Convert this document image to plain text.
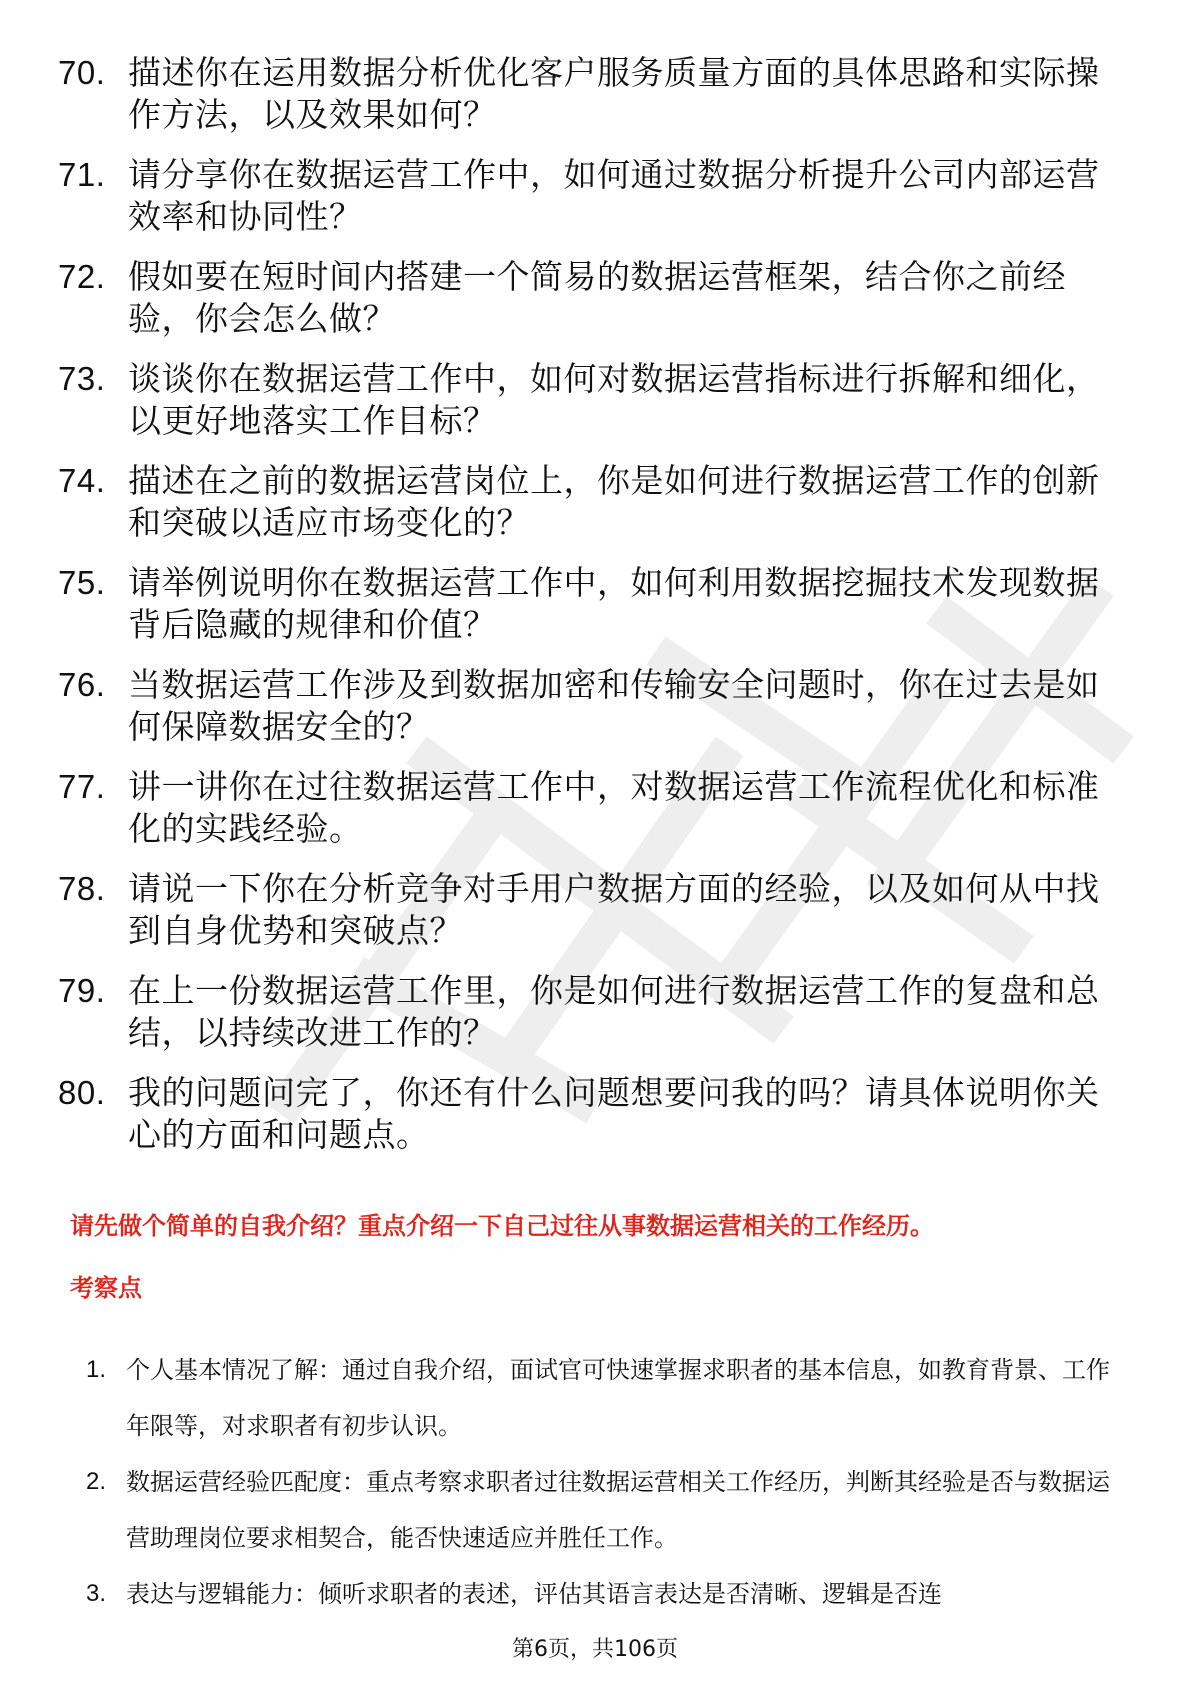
70. 描述你在运用数据分析优化客户服务质量方面的具体思路和实际操作方法，以及效果如何？
71. 请分享你在数据运营工作中，如何通过数据分析提升公司内部运营效率和协同性？
72. 假如要在短时间内搭建一个简易的数据运营框架，结合你之前经验，你会怎么做？
73. 谈谈你在数据运营工作中，如何对数据运营指标进行拆解和细化，以更好地落实工作目标？
74. 描述在之前的数据运营岗位上，你是如何进行数据运营工作的创新和突破以适应市场变化的？
75. 请举例说明你在数据运营工作中，如何利用数据挖掘技术发现数据背后隐藏的规律和价值？
76. 当数据运营工作涉及到数据加密和传输安全问题时，你在过去是如何保障数据安全的？
77. 讲一讲你在过往数据运营工作中，对数据运营工作流程优化和标准化的实践经验。
78. 请说一下你在分析竞争对手用户数据方面的经验，以及如何从中找到自身优势和突破点？
79. 在上一份数据运营工作里，你是如何进行数据运营工作的复盘和总结，以持续改进工作的？
80. 我的问题问完了，你还有什么问题想要问我的吗？请具体说明你关心的方面和问题点。
请先做个简单的自我介绍？重点介绍一下自己过往从事数据运营相关的工作经历。
考察点
1. 个人基本情况了解：通过自我介绍，面试官可快速掌握求职者的基本信息，如教育背景、工作年限等，对求职者有初步认识。
2. 数据运营经验匹配度：重点考察求职者过往数据运营相关工作经历，判断其经验是否与数据运营助理岗位要求相契合，能否快速适应并胜任工作。
3. 表达与逻辑能力：倾听求职者的表述，评估其语言表达是否清晰、逻辑是否连
第6页，共106页
